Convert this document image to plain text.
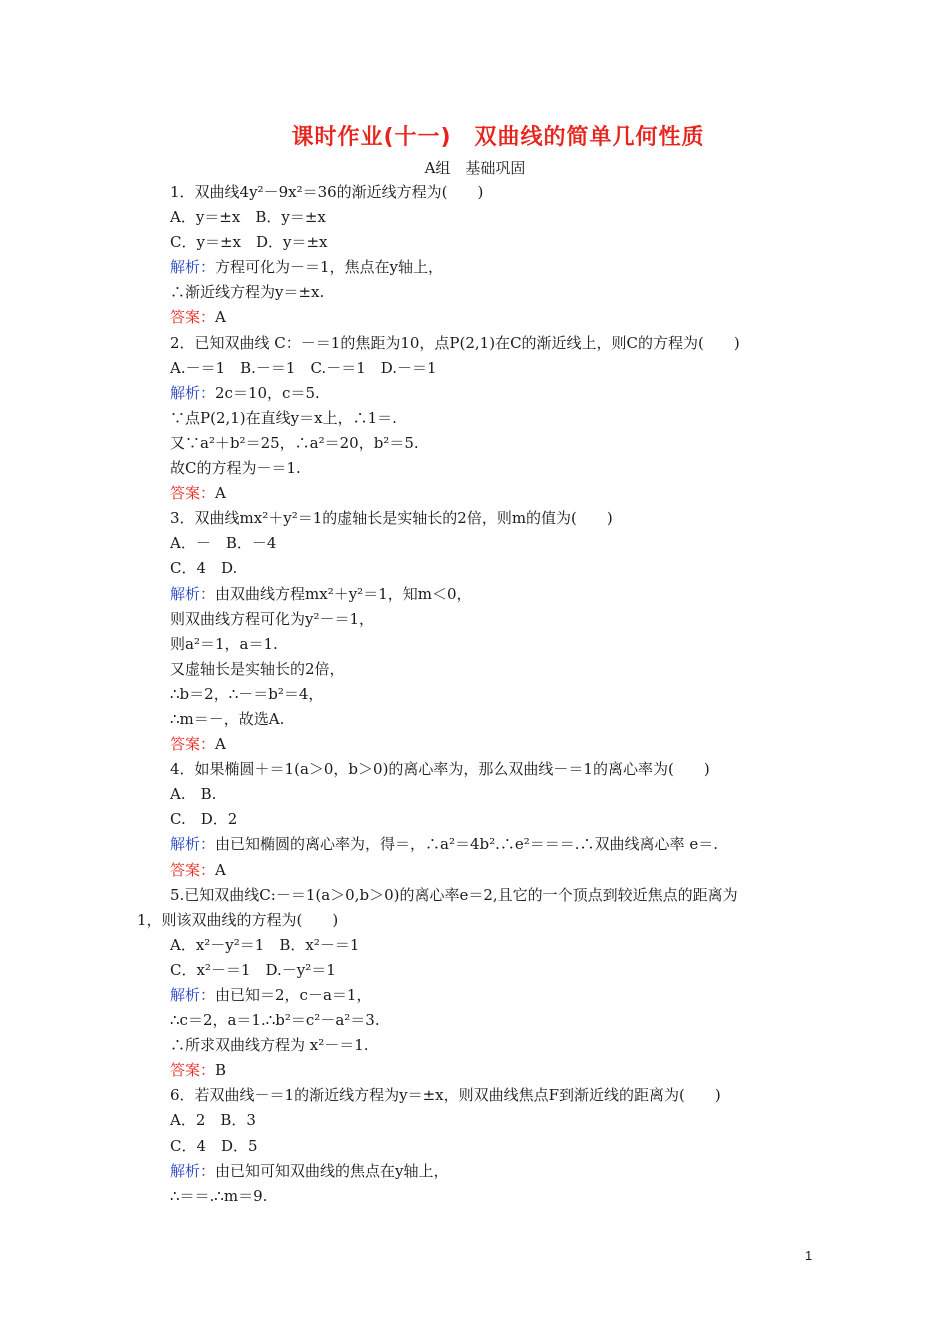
课时作业(十一)　双曲线的简单几何性质
A组　基础巩固
1．双曲线4y²－9x²＝36的渐近线方程为(　　)
A．y＝±x　B．y＝±x
C．y＝±x　D．y＝±x
解析：方程可化为－＝1，焦点在y轴上，
∴渐近线方程为y＝±x.
答案：A
2．已知双曲线 C：－＝1的焦距为10，点P(2,1)在C的渐近线上，则C的方程为(　　)
A.－＝1　B.－＝1　C.－＝1　D.－＝1
解析：2c＝10，c＝5.
∵点P(2,1)在直线y＝x上，∴1＝.
又∵a²＋b²＝25，∴a²＝20，b²＝5.
故C的方程为－＝1.
答案：A
3．双曲线mx²＋y²＝1的虚轴长是实轴长的2倍，则m的值为(　　)
A．－　B．－4
C．4　D.
解析：由双曲线方程mx²＋y²＝1，知m＜0，
则双曲线方程可化为y²－＝1，
则a²＝1，a＝1.
又虚轴长是实轴长的2倍，
∴b＝2，∴－＝b²＝4，
∴m＝－，故选A.
答案：A
4．如果椭圆＋＝1(a＞0，b＞0)的离心率为，那么双曲线－＝1的离心率为(　　)
A.　B.
C.　D．2
解析：由已知椭圆的离心率为，得＝，∴a²＝4b².∴e²＝＝＝.∴双曲线离心率 e＝.
答案：A
5.已知双曲线C:－＝1(a＞0,b＞0)的离心率e＝2,且它的一个顶点到较近焦点的距离为
1，则该双曲线的方程为(　　)
A．x²－y²＝1　B．x²－＝1
C．x²－＝1　D.－y²＝1
解析：由已知＝2，c－a＝1，
∴c＝2，a＝1.∴b²＝c²－a²＝3.
∴所求双曲线方程为 x²－＝1.
答案：B
6．若双曲线－＝1的渐近线方程为y＝±x，则双曲线焦点F到渐近线的距离为(　　)
A．2　B．3
C．4　D．5
解析：由已知可知双曲线的焦点在y轴上，
∴＝＝.∴m＝9.
1
